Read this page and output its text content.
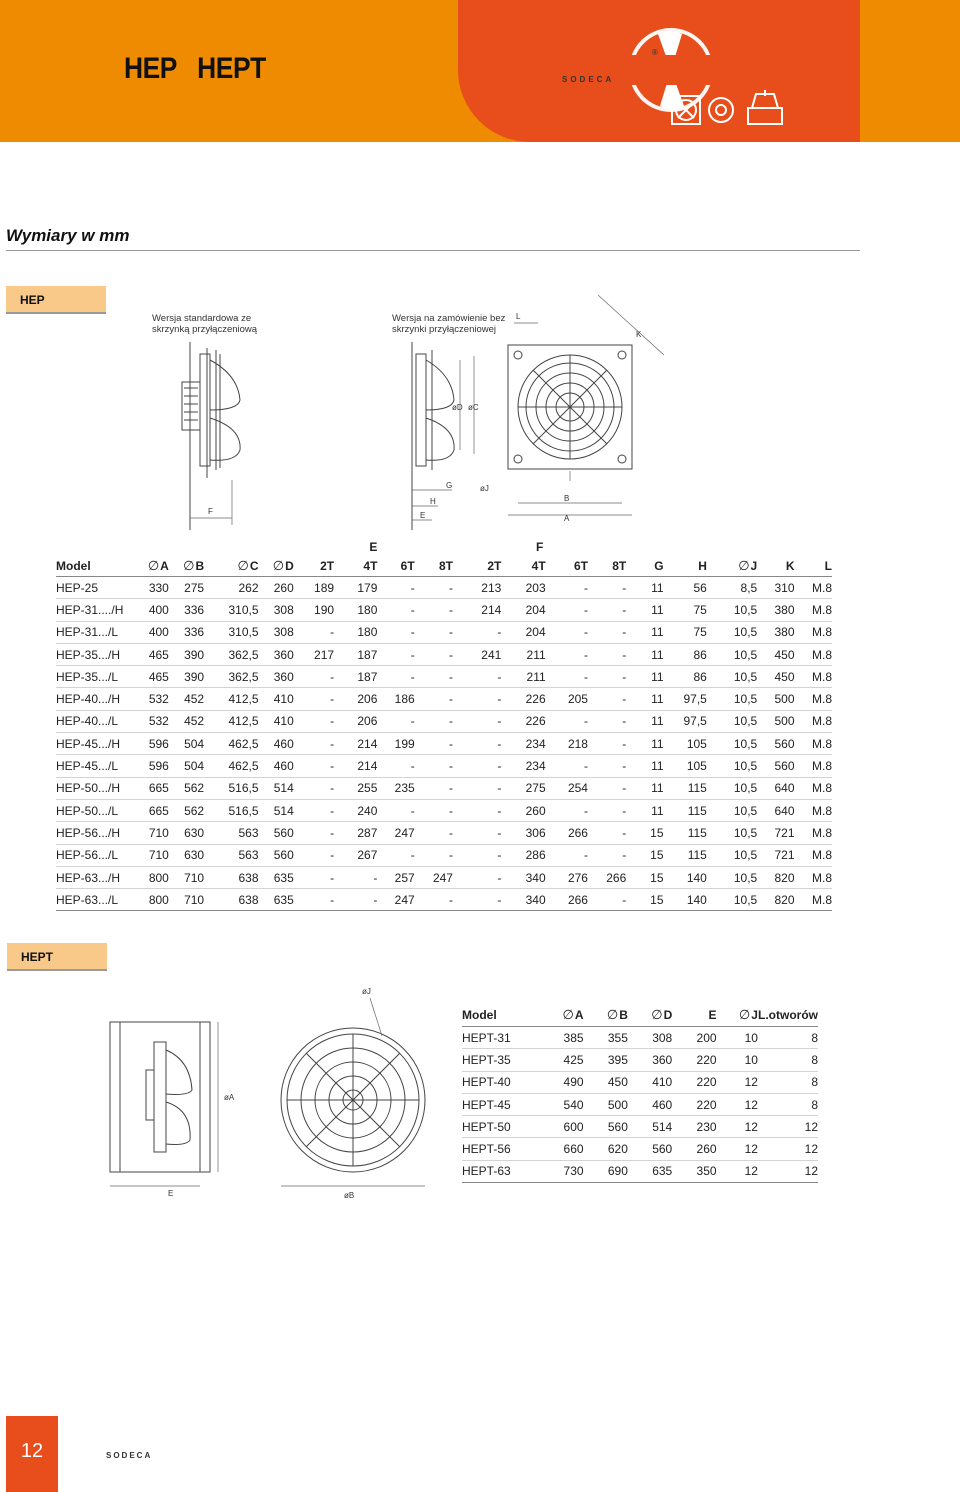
SODECA
®
HEP   HEPT
Wymiary w mm
HEP
Wersja standardowa ze skrzynką przyłączeniową
Wersja na zamówienie bez skrzynki przyłączeniowej
F
øD øC
G
H
E
øJ
B
A
L
K
					E				F								
Model	∅A	∅B	∅C	∅D	2T	4T	6T	8T	2T	4T	6T	8T	G	H	∅J	K	L
HEP-25	330	275	262	260	189	179	-	-	213	203	-	-	11	56	8,5	310	M.8
HEP-31..../H	400	336	310,5	308	190	180	-	-	214	204	-	-	11	75	10,5	380	M.8
HEP-31.../L	400	336	310,5	308	-	180	-	-	-	204	-	-	11	75	10,5	380	M.8
HEP-35.../H	465	390	362,5	360	217	187	-	-	241	211	-	-	11	86	10,5	450	M.8
HEP-35.../L	465	390	362,5	360	-	187	-	-	-	211	-	-	11	86	10,5	450	M.8
HEP-40.../H	532	452	412,5	410	-	206	186	-	-	226	205	-	11	97,5	10,5	500	M.8
HEP-40.../L	532	452	412,5	410	-	206	-	-	-	226	-	-	11	97,5	10,5	500	M.8
HEP-45.../H	596	504	462,5	460	-	214	199	-	-	234	218	-	11	105	10,5	560	M.8
HEP-45.../L	596	504	462,5	460	-	214	-	-	-	234	-	-	11	105	10,5	560	M.8
HEP-50.../H	665	562	516,5	514	-	255	235	-	-	275	254	-	11	115	10,5	640	M.8
HEP-50.../L	665	562	516,5	514	-	240	-	-	-	260	-	-	11	115	10,5	640	M.8
HEP-56.../H	710	630	563	560	-	287	247	-	-	306	266	-	15	115	10,5	721	M.8
HEP-56.../L	710	630	563	560	-	267	-	-	-	286	-	-	15	115	10,5	721	M.8
HEP-63.../H	800	710	638	635	-	-	257	247	-	340	276	266	15	140	10,5	820	M.8
HEP-63.../L	800	710	638	635	-	-	247	-	-	340	266	-	15	140	10,5	820	M.8
HEPT
øA
E	øB
øJ
Model	∅A	∅B	∅D	E	∅J	L.otworów
HEPT-31	385	355	308	200	10	8
HEPT-35	425	395	360	220	10	8
HEPT-40	490	450	410	220	12	8
HEPT-45	540	500	460	220	12	8
HEPT-50	600	560	514	230	12	12
HEPT-56	660	620	560	260	12	12
HEPT-63	730	690	635	350	12	12
12	SODECA
